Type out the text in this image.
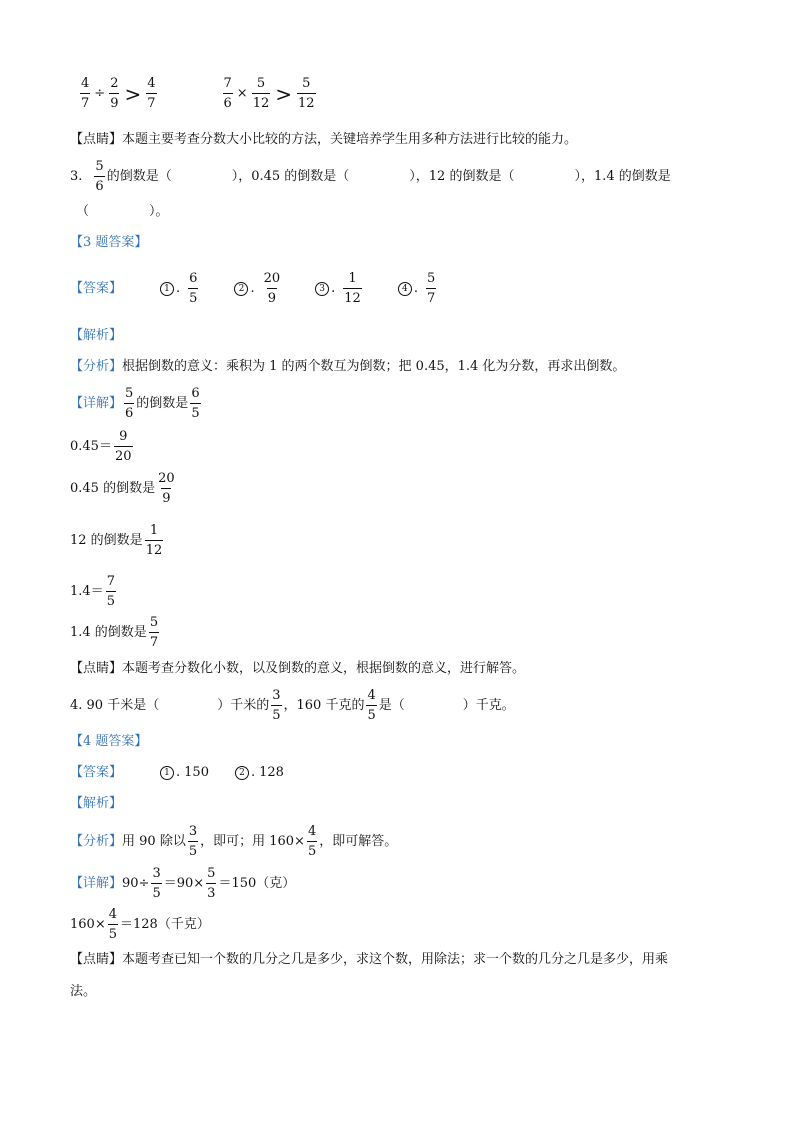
$\frac{4}{7} \div \frac{2}{9} > \frac{4}{7}$	$\frac{7}{6} \times \frac{5}{12} > \frac{5}{12}$
【点睛】 本题主要考查分数大小比较的方法，关键培养学生用多种方法进行比较的能力。
3. $\frac{5}{6}$ 的倒数是（	），0.45 的倒数是（	），12 的倒数是（	），1.4 的倒数是
（	）。
【3 题答案】
【答案】	1 . $\frac{6}{5}$	2 . $\frac{20}{9}$	3 . $\frac{1}{12}$	4 . $\frac{5}{7}$
【解析】
【分析】 根据倒数的意义：乘积为 1 的两个数互为倒数；把 0.45，1.4 化为分数，再求出倒数。
【详解】 $\frac{5}{6}$ 的倒数是 $\frac{6}{5}$
$0.45= \frac{9}{20}$
0.45 的倒数是 $\frac{20}{9}$
12 的倒数是 $\frac{1}{12}$
$1.4= \frac{7}{5}$
1.4 的倒数是 $\frac{5}{7}$
【点睛】 本题考查分数化小数，以及倒数的意义，根据倒数的意义，进行解答。
4. 90 千米是（	）千米的 $\frac{3}{5}$ ，160 千克的 $\frac{4}{5}$ 是（	）千克。
【4 题答案】
【答案】	1 . 150	2 . 128
【解析】
【分析】 用 90 除以 $\frac{3}{5}$ ，即可；用 $160\times \frac{4}{5}$ ，即可解答。
【详解】 $90\div \frac{3}{5} =90\times \frac{5}{3} =150$（克）
$160\times \frac{4}{5} =128$（千克）
【点睛】 本题考查已知一个数的几分之几是多少，求这个数，用除法；求一个数的几分之几是多少，用乘
法。
